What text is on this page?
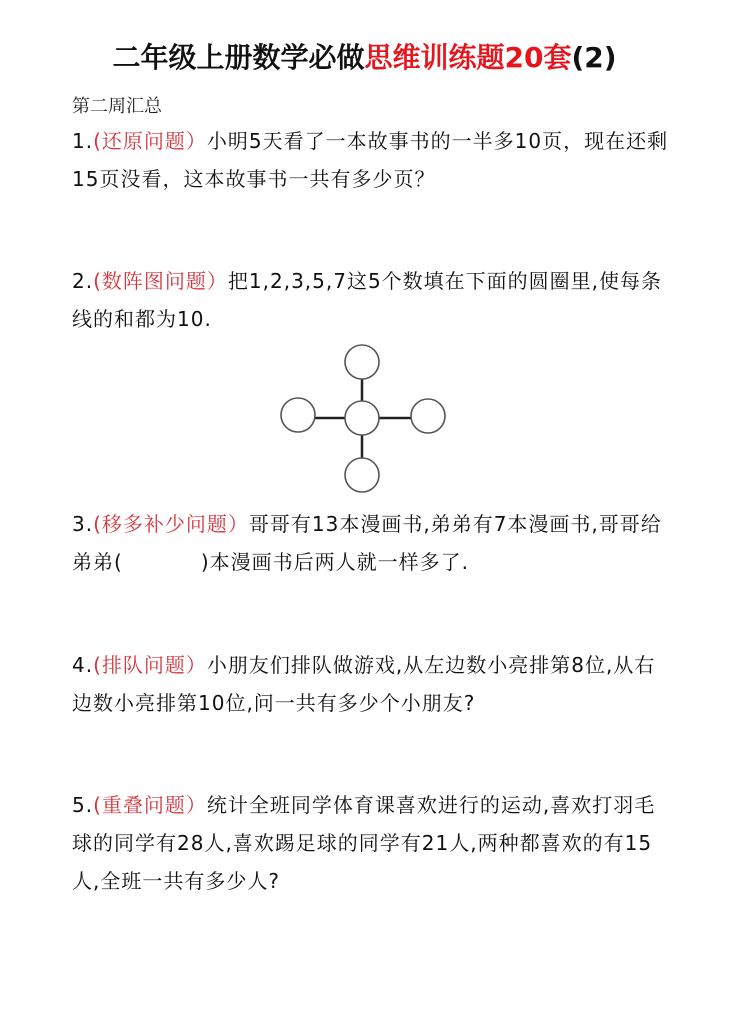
二年级上册数学必做思维训练题20套(2)
第二周汇总
1.(还原问题）小明5天看了一本故事书的一半多10页，现在还剩15页没看，这本故事书一共有多少页？
2.(数阵图问题）把1,2,3,5,7这5个数填在下面的圆圈里,使每条线的和都为10.
3.(移多补少问题）哥哥有13本漫画书,弟弟有7本漫画书,哥哥给弟弟(	)本漫画书后两人就一样多了.
4.(排队问题）小朋友们排队做游戏,从左边数小亮排第8位,从右边数小亮排第10位,问一共有多少个小朋友?
5.(重叠问题）统计全班同学体育课喜欢进行的运动,喜欢打羽毛球的同学有28人,喜欢踢足球的同学有21人,两种都喜欢的有15人,全班一共有多少人?
